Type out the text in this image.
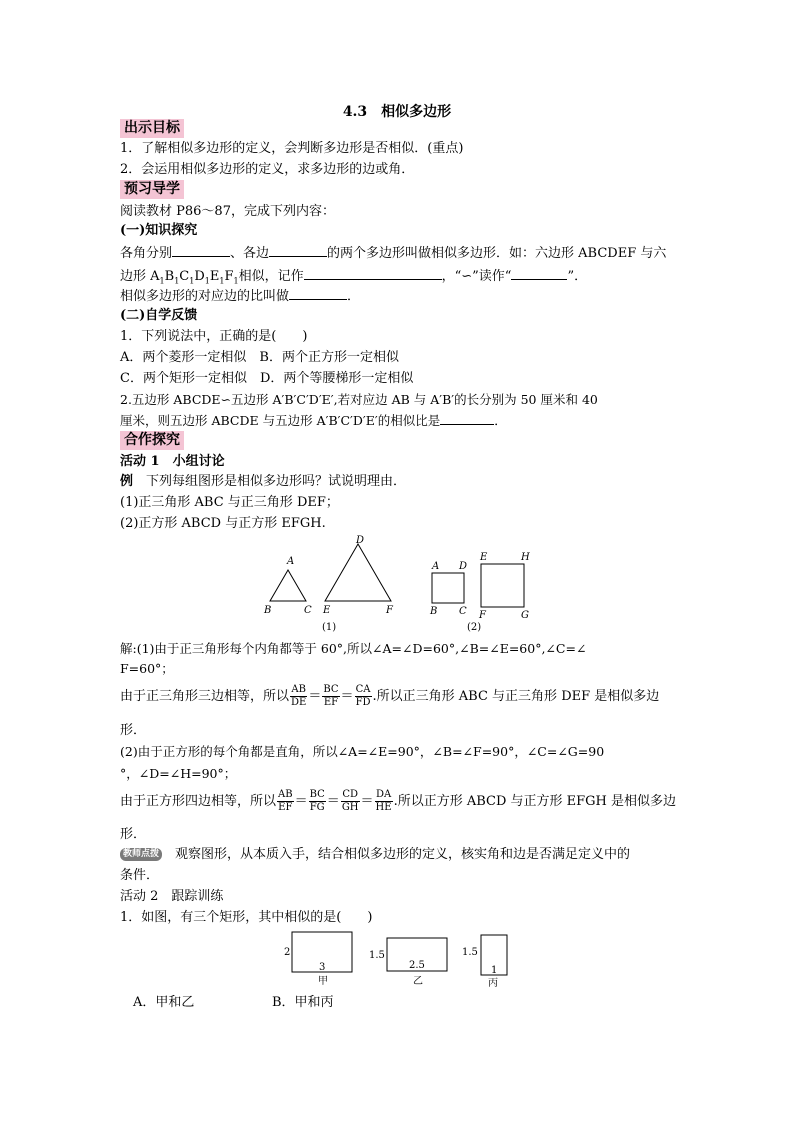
4.3　相似多边形
出示目标
1．了解相似多边形的定义，会判断多边形是否相似．(重点)
2．会运用相似多边形的定义，求多边形的边或角．
预习导学
阅读教材 P86～87，完成下列内容：
(一)知识探究
各角分别	、各边	的两个多边形叫做相似多边形．如：六边形 ABCDEF 与六
边形 $A_1B_1C_1D_1E_1F_1$相似，记作	，“∽”读作“	”．
相似多边形的对应边的比叫做	．
(二)自学反馈
1．下列说法中，正确的是(　　)
A．两个菱形一定相似　B．两个正方形一定相似
C．两个矩形一定相似　D．两个等腰梯形一定相似
2.五边形 ABCDE∽五边形 A′B′C′D′E′,若对应边 AB 与 A′B′的长分别为 50 厘米和 40
厘米，则五边形 ABCDE 与五边形 A′B′C′D′E′的相似比是	．
合作探究
活动 1　小组讨论
例　下列每组图形是相似多边形吗？试说明理由．
(1)正三角形 ABC 与正三角形 DEF；
(2)正方形 ABCD 与正方形 EFGH.
A
B	C
D
E	F
(1)
A D
B C
E	H
F	G
(2)
解:(1)由于正三角形每个内角都等于 60°,所以∠A=∠D=60°,∠B=∠E=60°,∠C=∠
F=60°；
由于正三角形三边相等，所以 $\frac{AB}{DE} = \frac{BC}{EF} = \frac{CA}{FD}$ .所以正三角形 ABC 与正三角形 DEF 是相似多边
形．
(2)由于正方形的每个角都是直角，所以∠A=∠E=90°，∠B=∠F=90°，∠C=∠G=90
°，∠D=∠H=90°；
由于正方形四边相等，所以 $\frac{AB}{EF} = \frac{BC}{FG} = \frac{CD}{GH} = \frac{DA}{HE}$ .所以正方形 ABCD 与正方形 EFGH 是相似多边
形．
教师点拨　观察图形，从本质入手，结合相似多边形的定义，核实角和边是否满足定义中的
条件．
活动 2　跟踪训练
1．如图，有三个矩形，其中相似的是(　　)
2
3
甲
1.5
2.5
乙
1.5
1
丙
A．甲和乙	B．甲和丙
